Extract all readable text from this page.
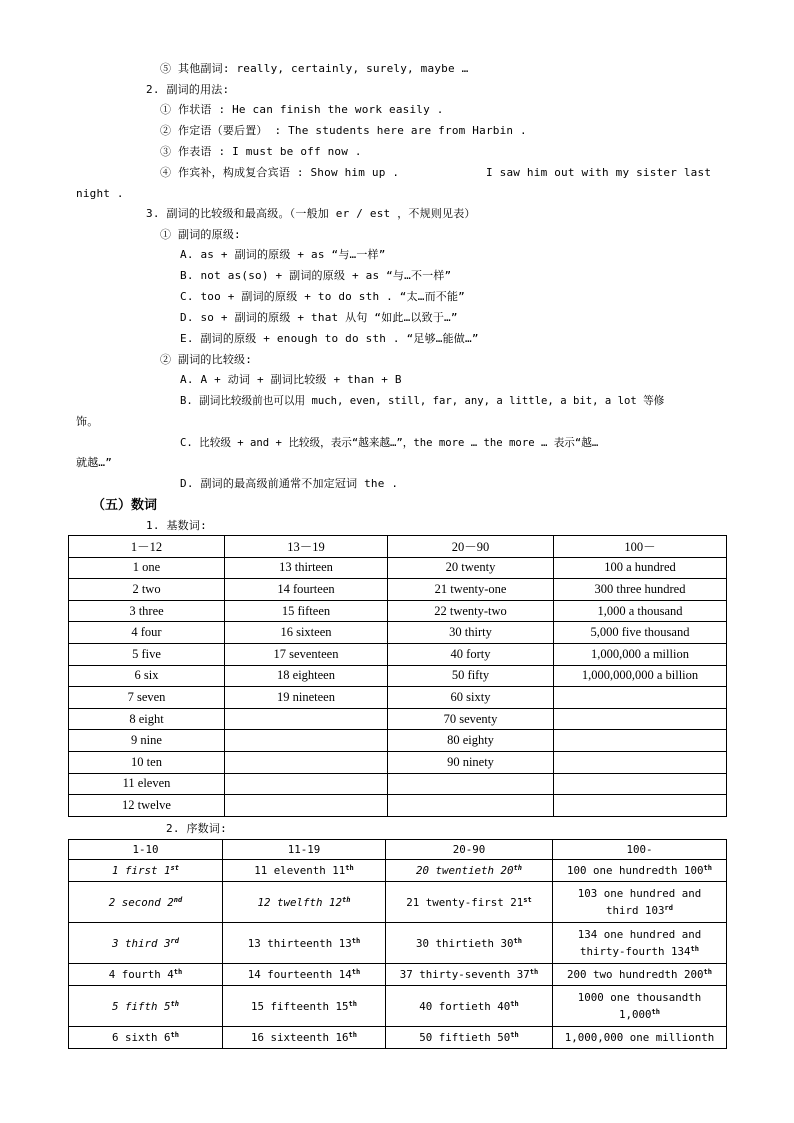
⑤ 其他副词: really, certainly, surely, maybe …
2. 副词的用法:
① 作状语 : He can finish the work easily .
② 作定语（要后置） : The students here are from Harbin .
③ 作表语 : I must be off now .
④ 作宾补，构成复合宾语 : Show him up .	I saw him out with my sister last
night .
3. 副词的比较级和最高级。（一般加 er / est ，不规则见表）
① 副词的原级:
A. as + 副词的原级 + as “与…一样”
B. not as(so) + 副词的原级 + as “与…不一样”
C. too + 副词的原级 + to do sth . “太…而不能”
D. so + 副词的原级 + that 从句 “如此…以致于…”
E. 副词的原级 + enough to do sth . “足够…能做…”
② 副词的比较级:
A. A + 动词 + 副词比较级 + than + B
B. 副词比较级前也可以用 much, even, still, far, any, a little, a bit, a lot 等修
饰。
C. 比较级 + and + 比较级，表示“越来越…”，the more … the more … 表示“越…
就越…”
D. 副词的最高级前通常不加定冠词 the .
（五）数词
1. 基数词:
1－12	13－19	20－90	100－
1 one	13 thirteen	20 twenty	100 a hundred
2 two	14 fourteen	21 twenty-one	300 three hundred
3 three	15 fifteen	22 twenty-two	1,000 a thousand
4 four	16 sixteen	30 thirty	5,000 five thousand
5 five	17 seventeen	40 forty	1,000,000 a million
6 six	18 eighteen	50 fifty	1,000,000,000 a billion
7 seven	19 nineteen	60 sixty	
8 eight		70 seventy	
9 nine		80 eighty	
10 ten		90 ninety	
11 eleven			
12 twelve			
2. 序数词:
1-10	11-19	20-90	100-
1 first 1st	11 eleventh 11th	20 twentieth 20th	100 one hundredth 100th
2 second 2nd	12 twelfth 12th	21 twenty-first 21st	103 one hundred and
third 103rd
3 third 3rd	13 thirteenth 13th	30 thirtieth 30th	134 one hundred and
thirty-fourth 134th
4 fourth 4th	14 fourteenth 14th	37 thirty-seventh 37th	200 two hundredth 200th
5 fifth 5th	15 fifteenth 15th	40 fortieth 40th	1000 one thousandth
1,000th
6 sixth 6th	16 sixteenth 16th	50 fiftieth 50th	1,000,000 one millionth
